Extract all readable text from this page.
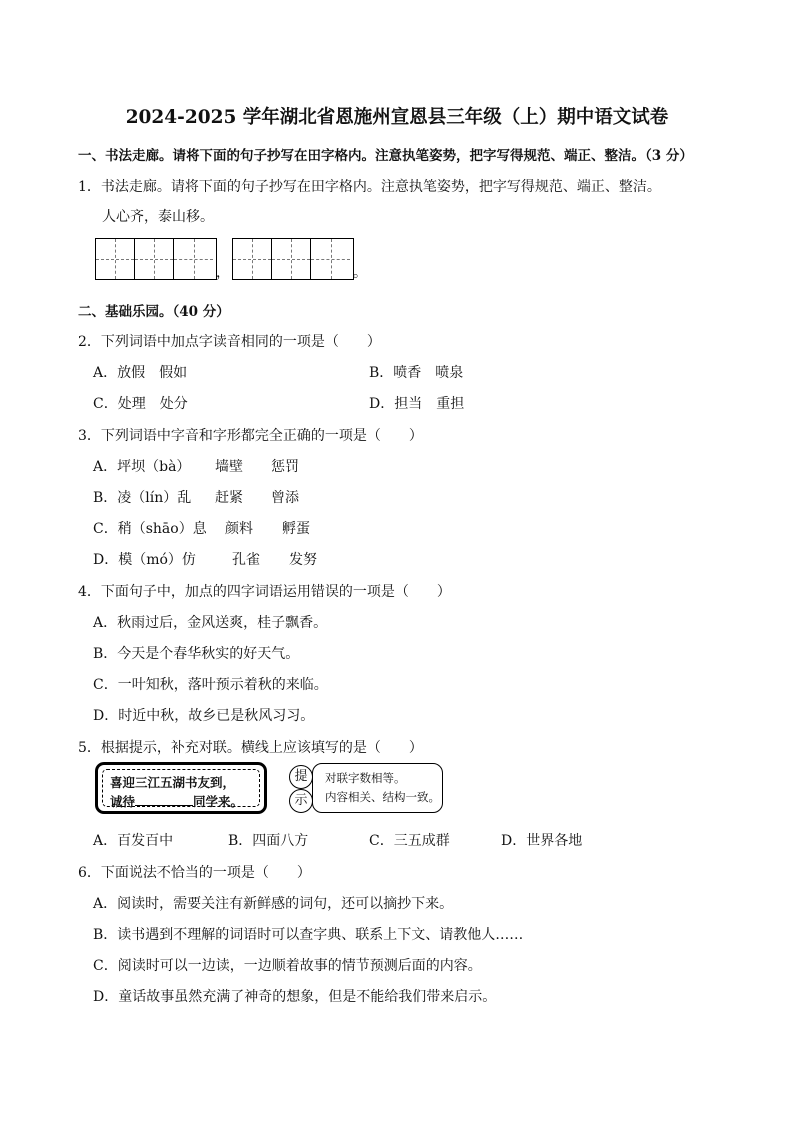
2024-2025 学年湖北省恩施州宣恩县三年级（上）期中语文试卷
一、书法走廊。请将下面的句子抄写在田字格内。注意执笔姿势，把字写得规范、端正、整洁。（3 分）
1．书法走廊。请将下面的句子抄写在田字格内。注意执笔姿势，把字写得规范、端正、整洁。
人心齐，泰山移。
，	。
二、基础乐园。（40 分）
2．下列词语中加点字读音相同的一项是（　　）
A．放假　假如	B．喷香　喷泉
C．处理　处分	D．担当　重担
3．下列词语中字音和字形都完全正确的一项是（　　）
A．坪坝（bà） 墙壁 惩罚
B．凌（lín）乱 赶紧 曾添
C．稍（shāo）息 颜料 孵蛋
D．模（mó）仿	孔雀 发努
4．下面句子中，加点的四字词语运用错误的一项是（　　）
A．秋雨过后，金风送爽，桂子飘香。
B．今天是个春华秋实的好天气。
C．一叶知秋，落叶预示着秋的来临。
D．时近中秋，故乡已是秋风习习。
5．根据提示，补充对联。横线上应该填写的是（　　）
喜迎三江五湖书友到，
诚待	同学来。
对联字数相等。
内容相关、结构一致。
提
示
A．百发百中	B．四面八方	C．三五成群	D．世界各地
6．下面说法不恰当的一项是（　　）
A．阅读时，需要关注有新鲜感的词句，还可以摘抄下来。
B．读书遇到不理解的词语时可以查字典、联系上下文、请教他人……
C．阅读时可以一边读，一边顺着故事的情节预测后面的内容。
D．童话故事虽然充满了神奇的想象，但是不能给我们带来启示。
